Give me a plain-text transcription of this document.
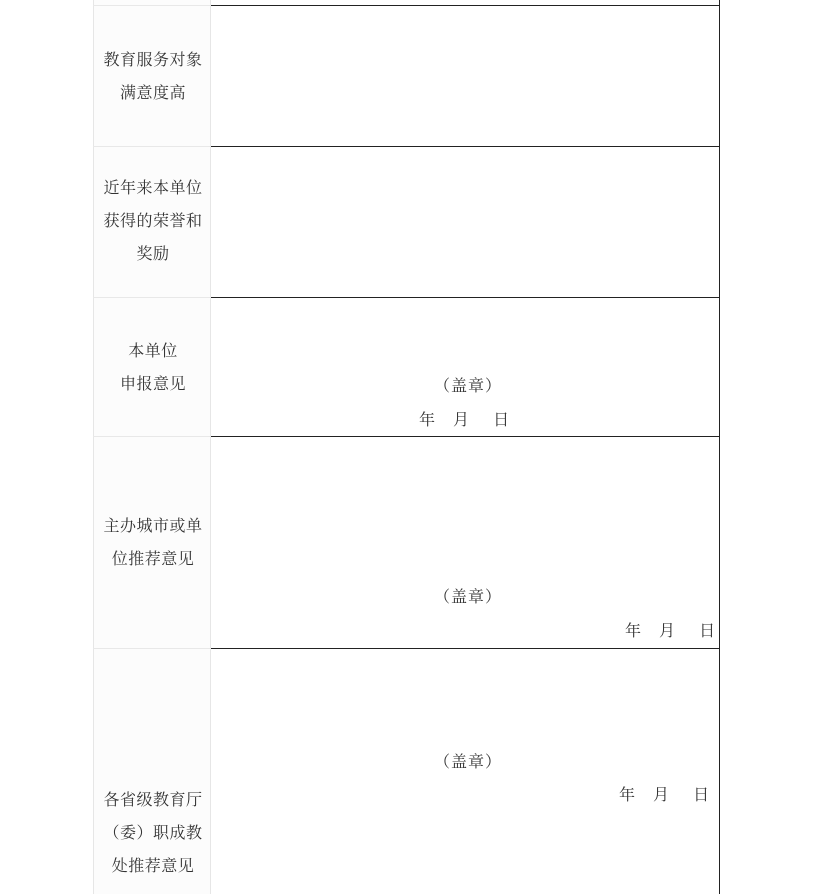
教育服务对象
满意度高
近年来本单位
获得的荣誉和
奖励
本单位
申报意见	（盖章）
年　月　 日
主办城市或单
位推荐意见
（盖章）
年　月　 日
各省级教育厅
（委）职成教
处推荐意见
（盖章）
年　月　 日
